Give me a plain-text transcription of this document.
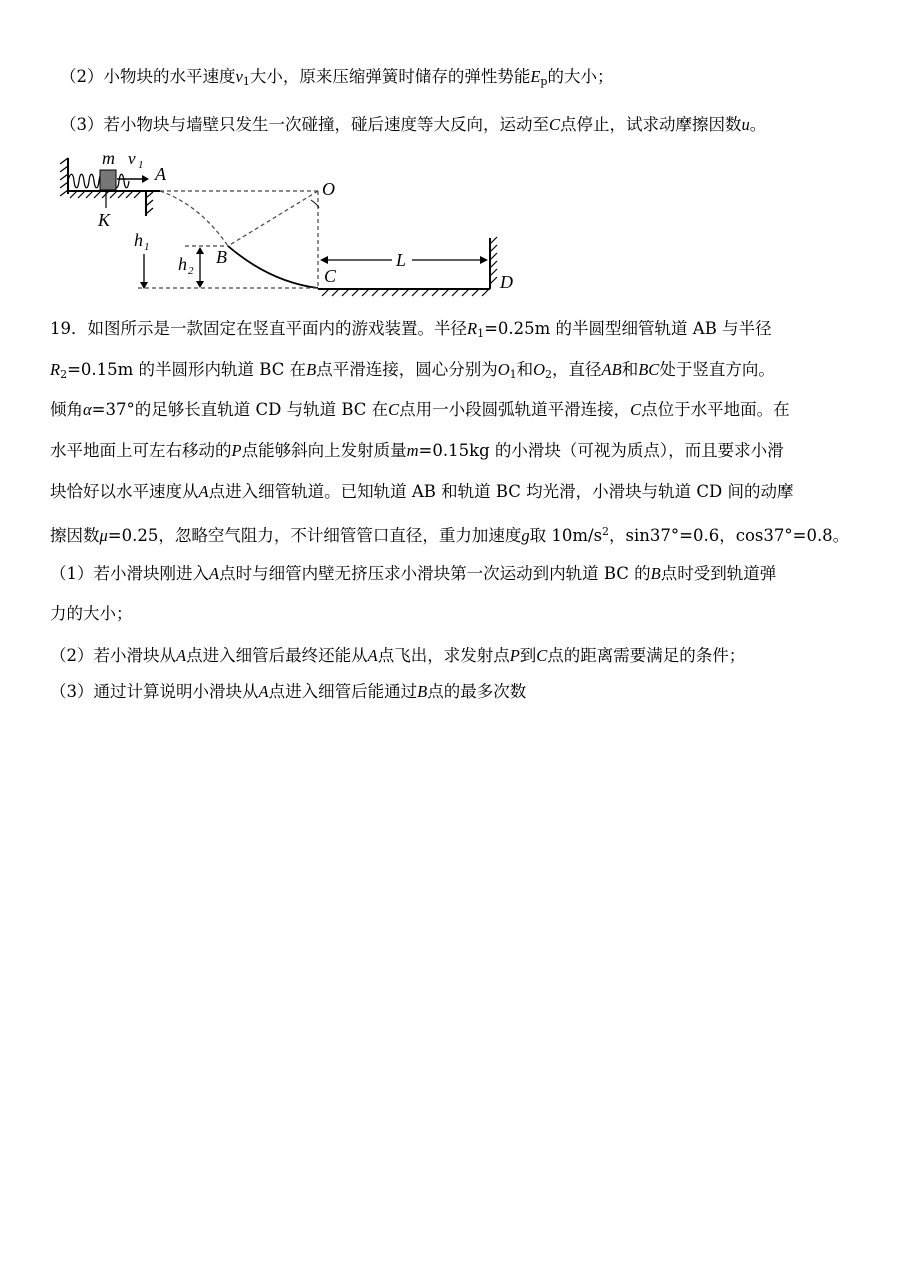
（2）小物块的水平速度$v_1$大小，原来压缩弹簧时储存的弹性势能$E_p$的大小；
（3）若小物块与墙壁只发生一次碰撞，碰后速度等大反向，运动至C点停止，试求动摩擦因数u。
m v 1
K
A
O
B
h 1
h 2	C	D
L
19．如图所示是一款固定在竖直平面内的游戏装置。半径$R_1=0.25m$ 的半圆型细管轨道 AB 与半径
$R_2=0.15m$ 的半圆形内轨道 BC 在B点平滑连接，圆心分别为$O_1$和$O_2$，直径AB和BC处于竖直方向。
倾角α=37°的足够长直轨道 CD 与轨道 BC 在C点用一小段圆弧轨道平滑连接，C点位于水平地面。在
水平地面上可左右移动的P点能够斜向上发射质量m=0.15kg 的小滑块（可视为质点），而且要求小滑
块恰好以水平速度从A点进入细管轨道。已知轨道 AB 和轨道 BC 均光滑，小滑块与轨道 CD 间的动摩
擦因数μ=0.25，忽略空气阻力，不计细管管口直径，重力加速度g取 $10m/s^2$，sin37°=0.6，cos37°=0.8。
（1）若小滑块刚进入A点时与细管内壁无挤压求小滑块第一次运动到内轨道 BC 的B点时受到轨道弹
力的大小；
（2）若小滑块从A点进入细管后最终还能从A点飞出，求发射点P到C点的距离需要满足的条件；
（3）通过计算说明小滑块从A点进入细管后能通过B点的最多次数
